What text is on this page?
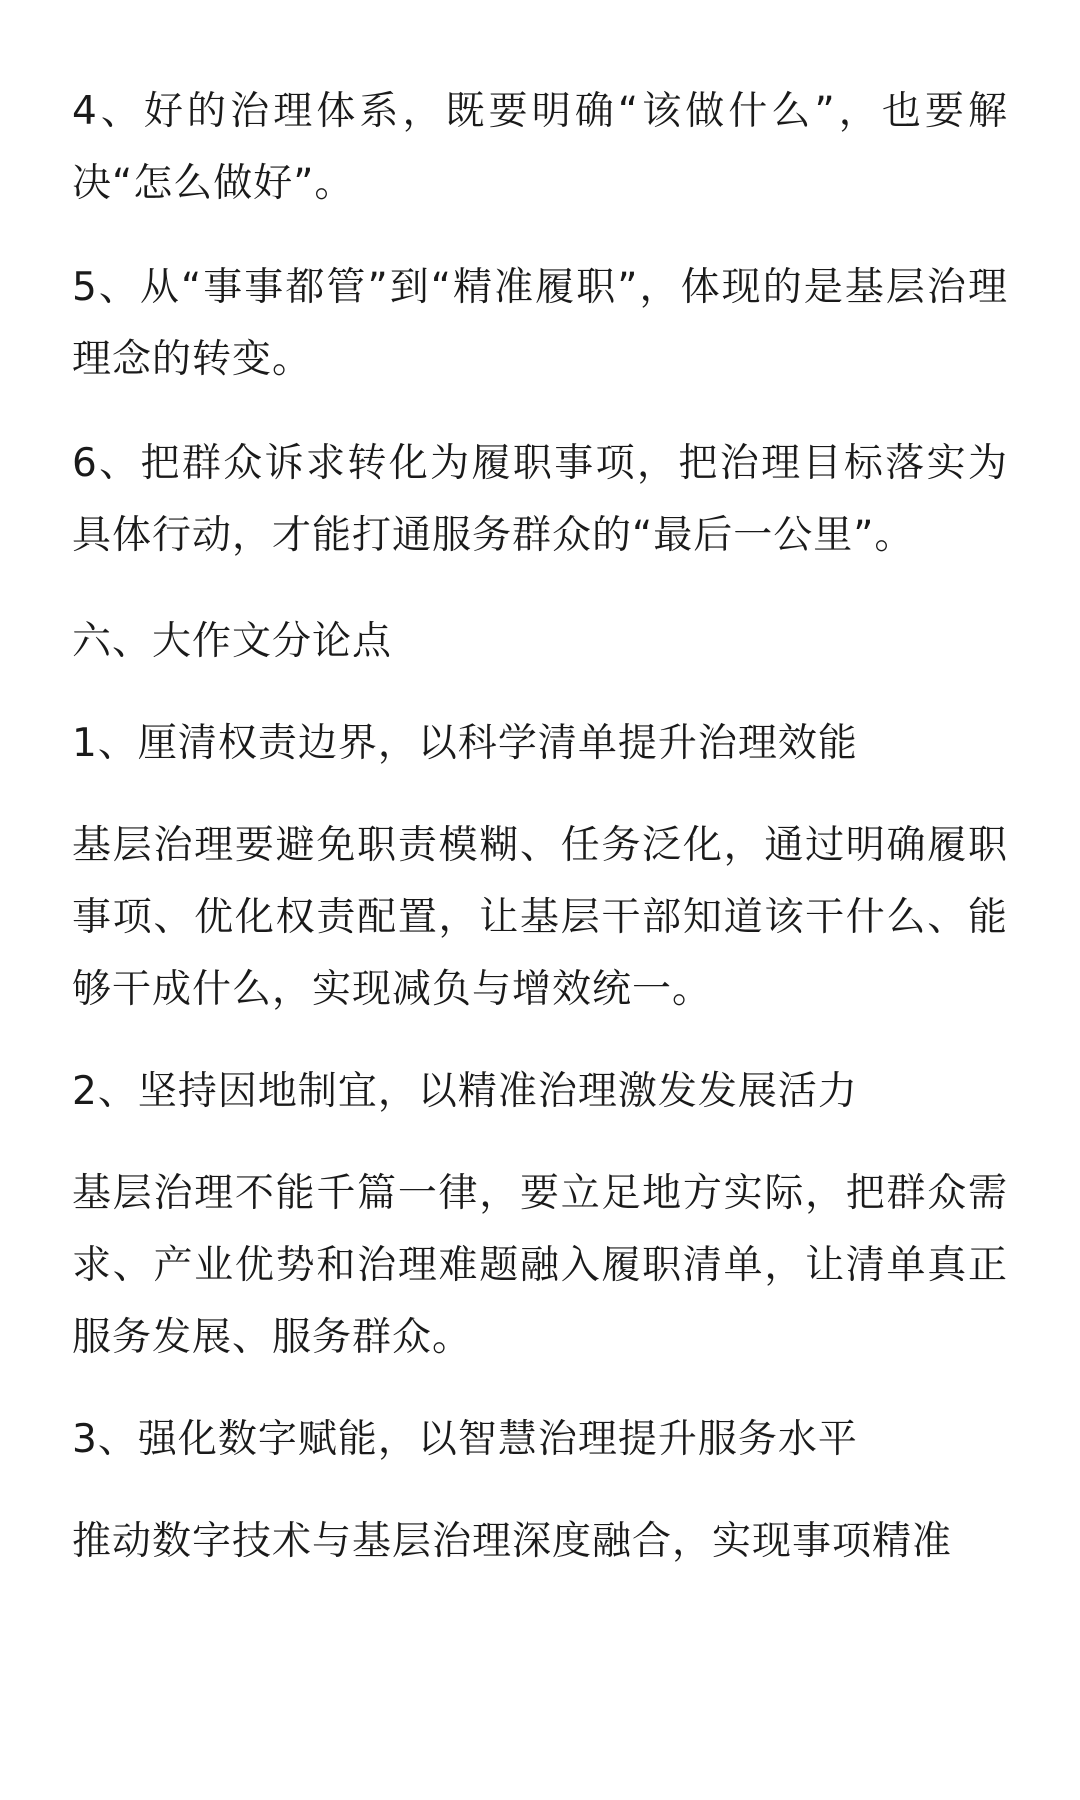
4、好的治理体系，既要明确“该做什么”，也要解决“怎么做好”。

5、从“事事都管”到“精准履职”，体现的是基层治理理念的转变。

6、把群众诉求转化为履职事项，把治理目标落实为具体行动，才能打通服务群众的“最后一公里”。

六、大作文分论点

1、厘清权责边界，以科学清单提升治理效能

基层治理要避免职责模糊、任务泛化，通过明确履职事项、优化权责配置，让基层干部知道该干什么、能够干成什么，实现减负与增效统一。

2、坚持因地制宜，以精准治理激发发展活力

基层治理不能千篇一律，要立足地方实际，把群众需求、产业优势和治理难题融入履职清单，让清单真正服务发展、服务群众。

3、强化数字赋能，以智慧治理提升服务水平

推动数字技术与基层治理深度融合，实现事项精准
